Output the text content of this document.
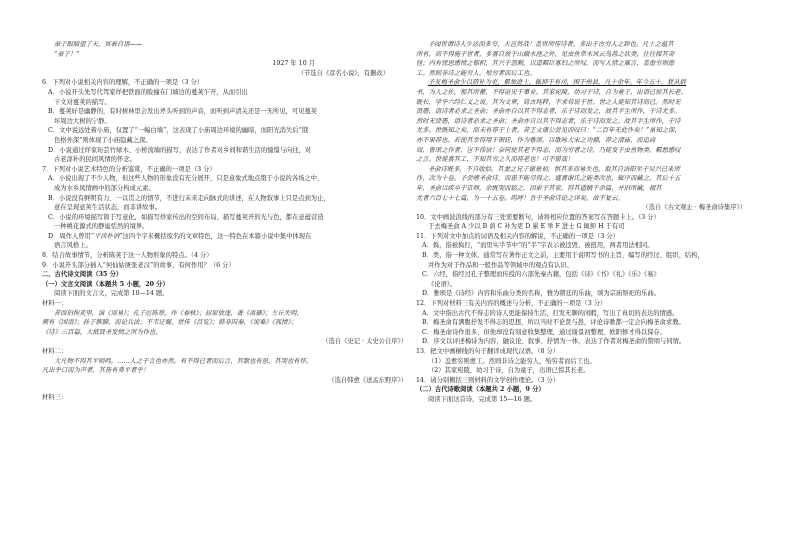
蚕子眼睛望了天，冥着自语——

“蚕子！”

1927 年 10 月

（节选自《彦名小说》，有删改）

6．下列对小说相关内容的理解，不正确的一项是（3 分）

A．小说开头先写代驾家烊把铁面的脸撞在门墙边的蔓荚乍开，从而引出

下文对蔓荚的描写。

B．蔓荚好是幽静的，有时树林里会发出斧头听到的声音，而听到声清关还是一无所见，可见蔓荚

坏周边大树的宁静。

C．文中说远处着小庙，仅置了“一幅白墙”，这表现了小庙周边环境的幽暗，而阳光消失后“饿

色格外深”则体现了小庙隐藏之深。

D．小说通过烊家珩芸竹绿木、小桥流墙的描写，表达了作者对乡间和谐生活的憧憬与向往，对

古老淳朴的民间风情的怀念。

7．下列对小说艺术特色的分析鉴赏，不正确的一项是（3 分）

A．小说出现了不少人物，但这些人物的形象没有充分展开，只是意象式地点缀于小说的各场之中，

成为水乡风情画中的部分构成元素。

B．小说没有鲜明有力、一以贯之的情节，不进行未来走向脉式的讲述，在人物叙事上只是点到为止，

意在呈现意荚生活状态，而非讲故事。

C．小说的环境描写简于写意化，如描写烊家传出的空间布局、描写蔓荚开的光与色，都在意蕴营造

一种桃花源式的静谧恬然的境界。

D．周作人曾用“平淡朴讷”这四个字来概括废名的文章特色，这一特色在本篇小说中集中体现在

语言风格上。

8．结合故事情节，分析陈荚于这一人物形象的特点。（4 分）

9．小说开头部分插入“何仙姑庚张老汉”的故事，有何作用？（6 分）

二、古代诗文阅读（35 分）

（一）文言文阅读（本题共 5 小题，20 分）

阅读下面的文言文，完成第 10—14 题。

材料一：

昔西伯拘羑里，演《周易》；孔子厄陈蔡，作《春秋》；屈原放逐，著《离骚》；左丘失明，

厥有《国语》；孙子膑脚，而论兵法；不韦迁蜀，世传《吕览》；韩非囚秦，《说难》《孤愤》；

《诗》三百篇，大抵贤圣发愤之所为作也。

（选自《史记 · 太史公自序》）

材料二：

大凡物不得其平则鸣。……人之于言也亦然。有不得已者而后言，其歌也有思，其哭也有怀。

凡出乎口而为声者，其皆有弗平者乎！

（选自韩愈《送孟东野序》）

材料三：

予闻世谓诗人少达而多穷，夫岂然哉！盖世所传诗者，多出于古穷人之辞也。凡士之蕴其

所有，而不得施于世者，多喜自放于山巅水涯之外，见虫鱼草木风云鸟兽之状类，往往探其奇

怪；内有忧思感愤之郁积，其兴于怨刺，以道羁臣寡妇之所叹，而写人情之难言，盖愈穷则愈

工。然则非诗之能穷人，殆穷者而后工也。

予友梅圣俞少以荫补为吏，累举进士，辄抑于有司，困于州县，凡十余年。年今五十，犹从辟

书，为人之佐，郁其所蓄，不得奋见于事业。其家宛陵，幼习于诗，自为童子，出语已惊其长老。

既长，学乎六经仁义之说。其为文章，简古纯粹，不求苟说于世。世之人徒知其诗而已。然时无

贤愚，语诗者必求之圣俞；圣俞亦自以其不得志者，乐于诗而发之，故其平生所作，于诗尤多。

然时无贤愚，语诗者必求之圣俞；圣俞亦自以其不得志者，乐于诗而发之。故其平生所作，于诗

尤多。世既知之矣，而未有荐于上者。昔王文康公尝见而叹曰：“二百年无此作矣！”虽知之深，

亦不果荐也。若使其幸得用于朝廷，作为雅颂，以歌咏大宋之功德，荐之清庙，而追商

周、鲁颂之作者，岂不伟欤！奈何使其老不得志，而为穷者之诗，乃徒发于虫鱼物类、羁愁感叹

之言。世徒喜其工，不知其穷之久而将老也！可不惜哉！

圣俞诗既多，不自收拾。其妻之兄子谢景初，惧其多而易失也，取其自洛阳至于吴兴已来所

作，次为十卷。予尝嗜圣俞诗，而患不能尽得之，遽喜谢氏之能类次也，辄序而藏之。其后十五

年，圣俞以疾卒于京师，余既哭而铭之，因索于其家，得其遗稿千余篇，并旧所藏，掇其

尤者六百七十七篇，为一十五卷。呜呼！吾于圣俞诗论之详矣，故不复云。

（选自《古文观止 · 梅圣俞诗集序》）

10．文中画波浪线的部分有三处需要断句，请将相应位置的答案写在答题卡上。（3 分）

于去梅圣俞 A 少以 B 荫 C 补为吏 D 累 E 举 F 进士 G 辄抑 H 于有司

11．下列对文中加点的词语及相关内容的解说，不正确的一项是（3 分）

A．捣，指被捣打，“而里实半节中”的“半”字表示被违毁、被扭用，两者用法相同。

B．类，指一种文体，通常写在著作正文之前，主要用于说明写书的主旨、编写的经过、组织、结构，

并作为对于作品和一般作品等领域中的观点有认识。

C．六经，指经过孔子整理而传授的六部先秦古籍，包括《诗》《书》《礼》《乐》《易》

《论语》。

D．雅颂是《诗经》内容和乐曲分类的名称，雅为朝廷的乐曲，颂为宗庙祭祀的乐曲。

12．下列对材料三有关内容的概述与分析，不正确的一项是（3 分）

A．文中指出古代不得志的诗人更能保持生活，打发无聊的闲暇，写出了真切的表达的情感。

B．梅圣俞有满腹抒发不得志的思想，所以当时不论贤与愚，评论诗歌都一定会向梅圣俞求教。

C．梅圣俞诗作很多，但他却没有刻意收集整理，通过谢景初整理，欧阳修才得以保存。

D．序文以评述梅诗为内容，融议论、叙事、抒情为一体，表达了作者对梅圣俞的赞颂与同情。

13．把文中画横线的句子翻译成现代汉语。（8 分）

（1）盖愈穷则愈工。然则非诗之能穷人，殆穷者而后工也。

（2）其家宛陵，幼习于诗，自为童子，出语已惊其长老。

14．请分别概括三则材料的文学创作理论。（3 分）

（二）古代诗歌阅读（本题共 2 小题，9 分）

阅读下面这首诗，完成第 15—16 题。
